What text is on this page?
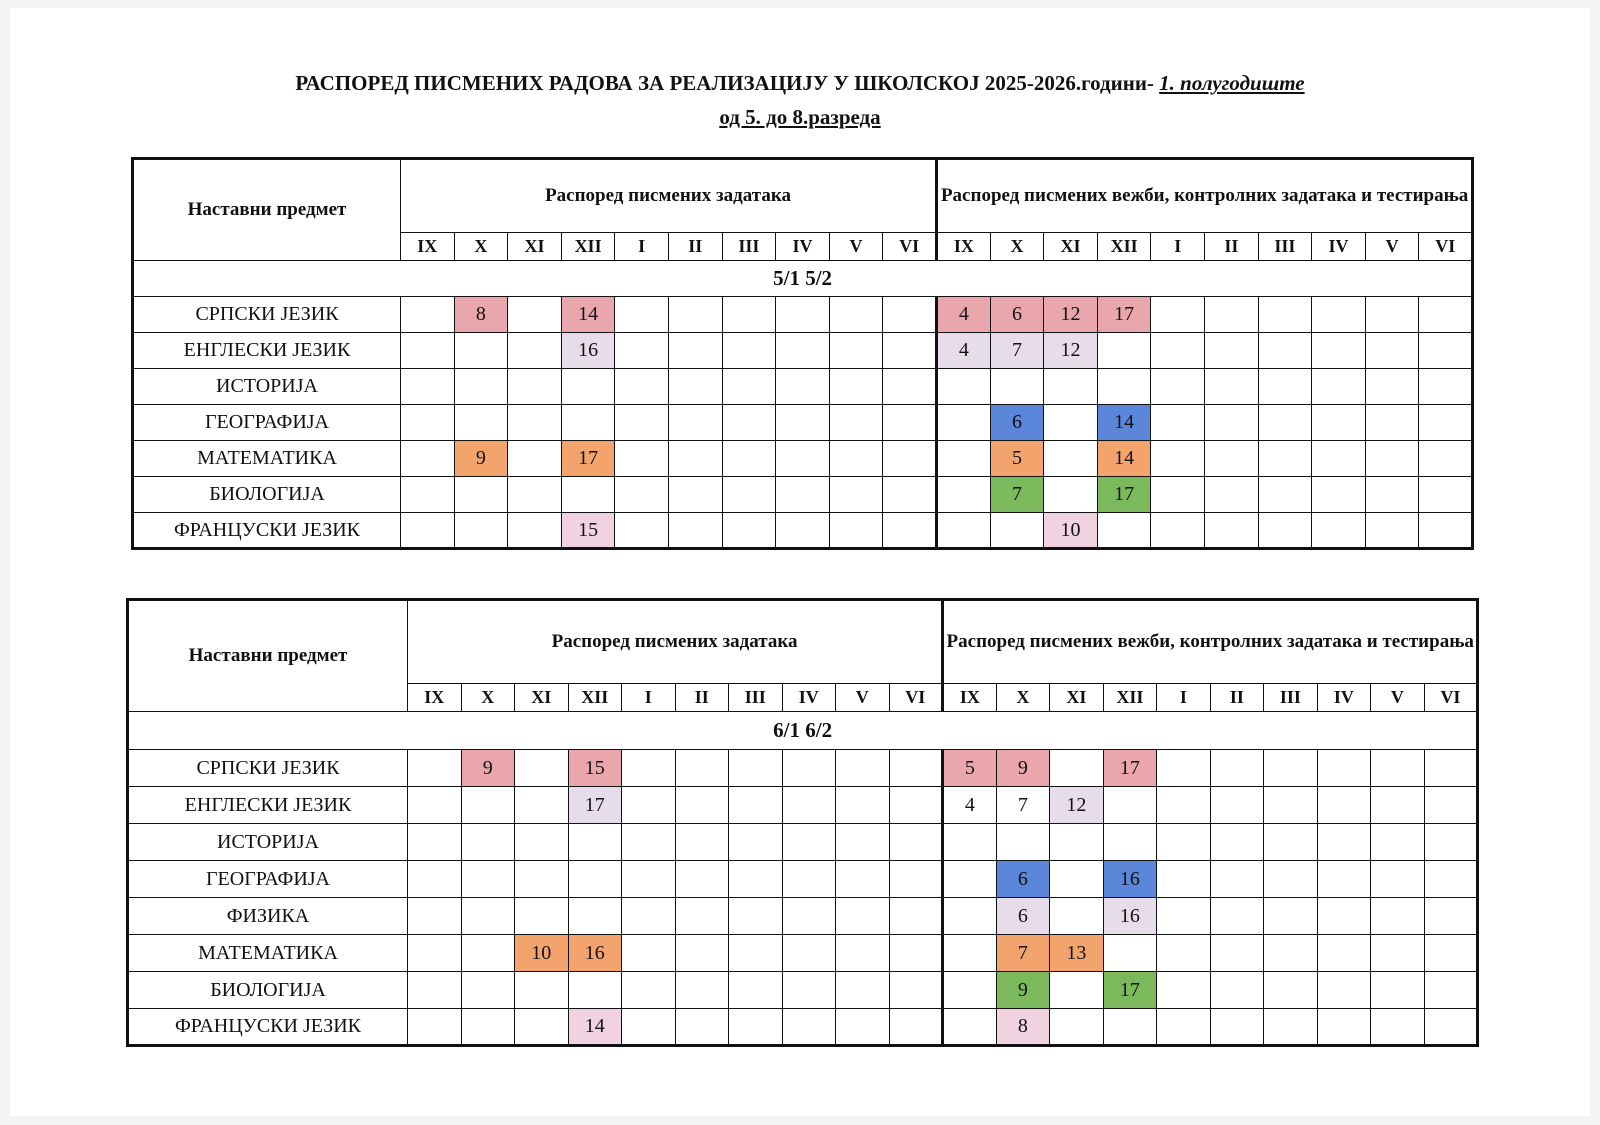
РАСПОРЕД ПИСМЕНИХ РАДОВА ЗА РЕАЛИЗАЦИЈУ У ШКОЛСКОЈ 2025-2026.години- 1. полугодиште
од 5. до 8.разреда
Наставни предмет	Распоред писмених задатака										Распоред писмених вежби, контролних задатака и тестирања									
	IX	X	XI	XII	I	II	III	IV	V	VI	IX	X	XI	XII	I	II	III	IV	V	VI
5/1 5/2																				
СРПСКИ ЈЕЗИК		8		14							4	6	12	17						
ЕНГЛЕСКИ ЈЕЗИК				16							4	7	12							
ИСТОРИЈА																				
ГЕОГРАФИЈА												6		14						
МАТЕМАТИКА		9		17								5		14						
БИОЛОГИЈА												7		17						
ФРАНЦУСКИ ЈЕЗИК				15									10							
Наставни предмет	Распоред писмених задатака										Распоред писмених вежби, контролних задатака и тестирања									
	IX	X	XI	XII	I	II	III	IV	V	VI	IX	X	XI	XII	I	II	III	IV	V	VI
6/1 6/2																				
СРПСКИ ЈЕЗИК		9		15							5	9		17						
ЕНГЛЕСКИ ЈЕЗИК				17							4	7	12							
ИСТОРИЈА																				
ГЕОГРАФИЈА												6		16						
ФИЗИКА												6		16						
МАТЕМАТИКА			10	16								7	13							
БИОЛОГИЈА												9		17						
ФРАНЦУСКИ ЈЕЗИК				14								8								
